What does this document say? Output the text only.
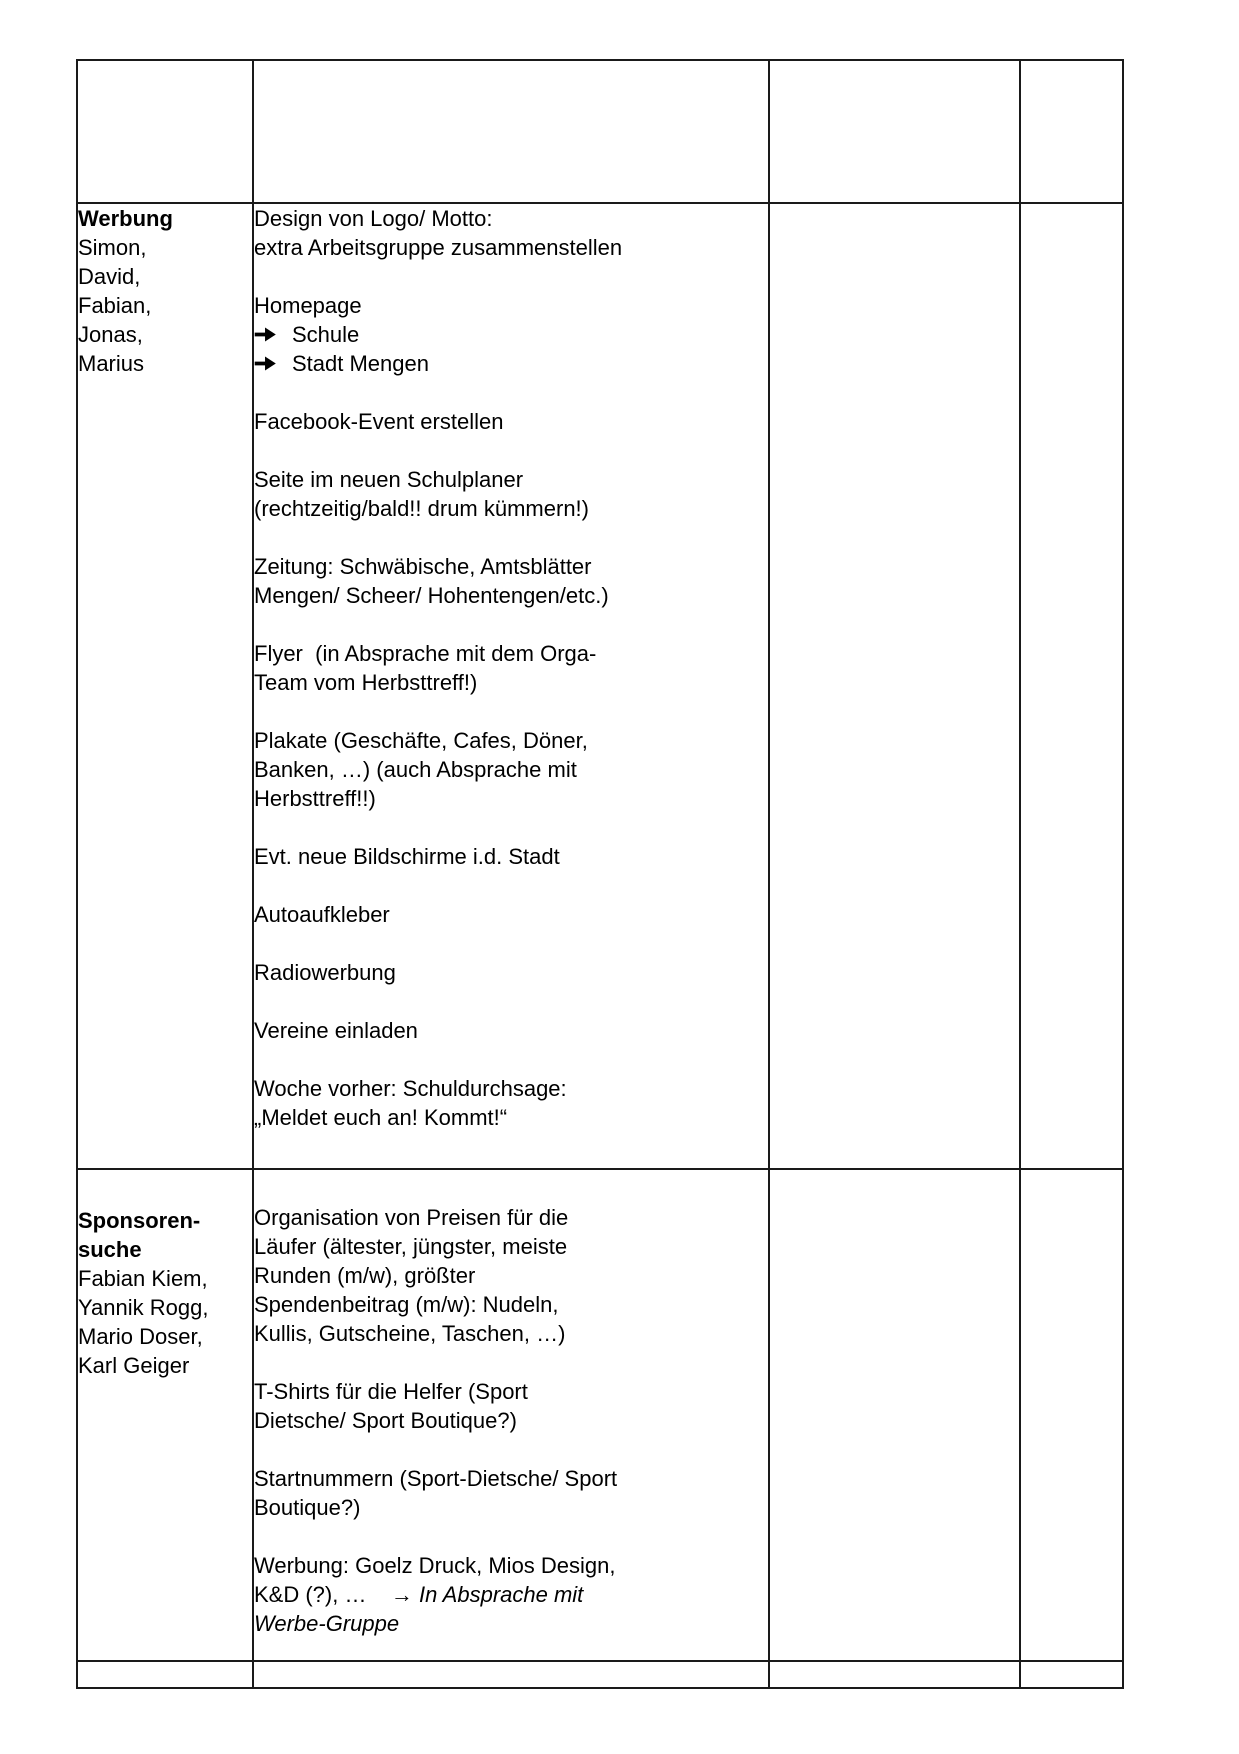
Werbung
Simon,
David,
Fabian,
Jonas,
Marius

Design von Logo/ Motto:
extra Arbeitsgruppe zusammenstellen
Homepage
Schule
Stadt Mengen
Facebook-Event erstellen
Seite im neuen Schulplaner
(rechtzeitig/bald!! drum kümmern!)
Zeitung: Schwäbische, Amtsblätter
Mengen/ Scheer/ Hohentengen/etc.)
Flyer  (in Absprache mit dem Orga-
Team vom Herbsttreff!)
Plakate (Geschäfte, Cafes, Döner,
Banken, …) (auch Absprache mit
Herbsttreff!!)
Evt. neue Bildschirme i.d. Stadt
Autoaufkleber
Radiowerbung
Vereine einladen
Woche vorher: Schuldurchsage:
„Meldet euch an! Kommt!“

Sponsoren-
suche
Fabian Kiem,
Yannik Rogg,
Mario Doser,
Karl Geiger

Organisation von Preisen für die
Läufer (ältester, jüngster, meiste
Runden (m/w), größter
Spendenbeitrag (m/w): Nudeln,
Kullis, Gutscheine, Taschen, …)
T-Shirts für die Helfer (Sport
Dietsche/ Sport Boutique?)
Startnummern (Sport-Dietsche/ Sport
Boutique?)
Werbung: Goelz Druck, Mios Design,
K&D (?), …    → In Absprache mit
Werbe-Gruppe
